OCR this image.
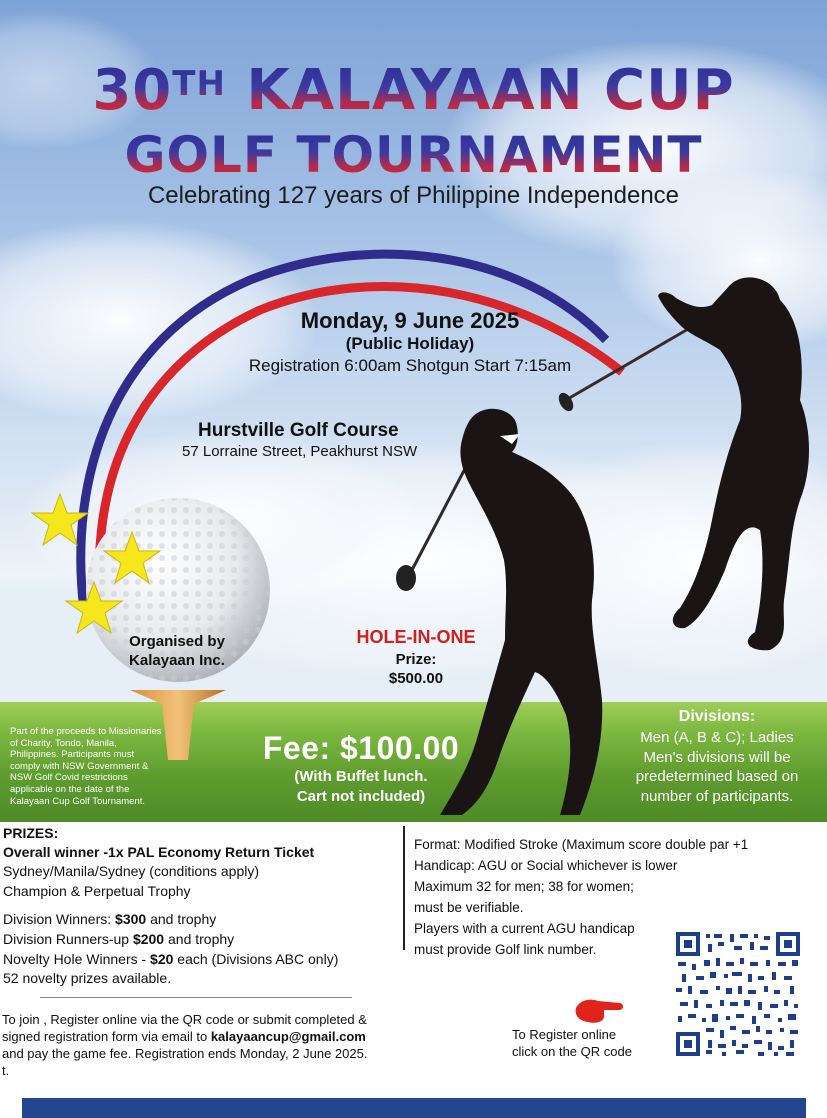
30TH KALAYAAN CUP
GOLF TOURNAMENT
Celebrating 127 years of Philippine Independence
Monday, 9 June 2025
(Public Holiday)
Registration 6:00am Shotgun Start 7:15am
Hurstville Golf Course
57 Lorraine Street, Peakhurst NSW
Organised by
Kalayaan Inc.
HOLE-IN-ONE
Prize:
$500.00
Part of the proceeds to Missionaries
of Charity, Tondo, Manila,
Philippines. Participants must
comply with NSW Government &
NSW Golf Covid restrictions
applicable on the date of the
Kalayaan Cup Golf Tournament.
Fee: $100.00
(With Buffet lunch.
Cart not included)
Divisions:
Men (A, B & C); Ladies
Men's divisions will be
predetermined based on
number of participants.
PRIZES:
Overall winner -1x PAL Economy Return Ticket
Sydney/Manila/Sydney (conditions apply)
Champion & Perpetual Trophy
Division Winners: $300 and trophy
Division Runners-up $200 and trophy
Novelty Hole Winners - $20 each (Divisions ABC only)
52 novelty prizes available.
To join , Register online via the QR code or submit completed &
signed registration form via email to kalayaancup@gmail.com
and pay the game fee. Registration ends Monday, 2 June 2025.
t.
Format: Modified Stroke (Maximum score double par +1
Handicap: AGU or Social whichever is lower
Maximum 32 for men; 38 for women;
must be verifiable.
Players with a current AGU handicap
must provide Golf link number.
To Register online
click on the QR code
